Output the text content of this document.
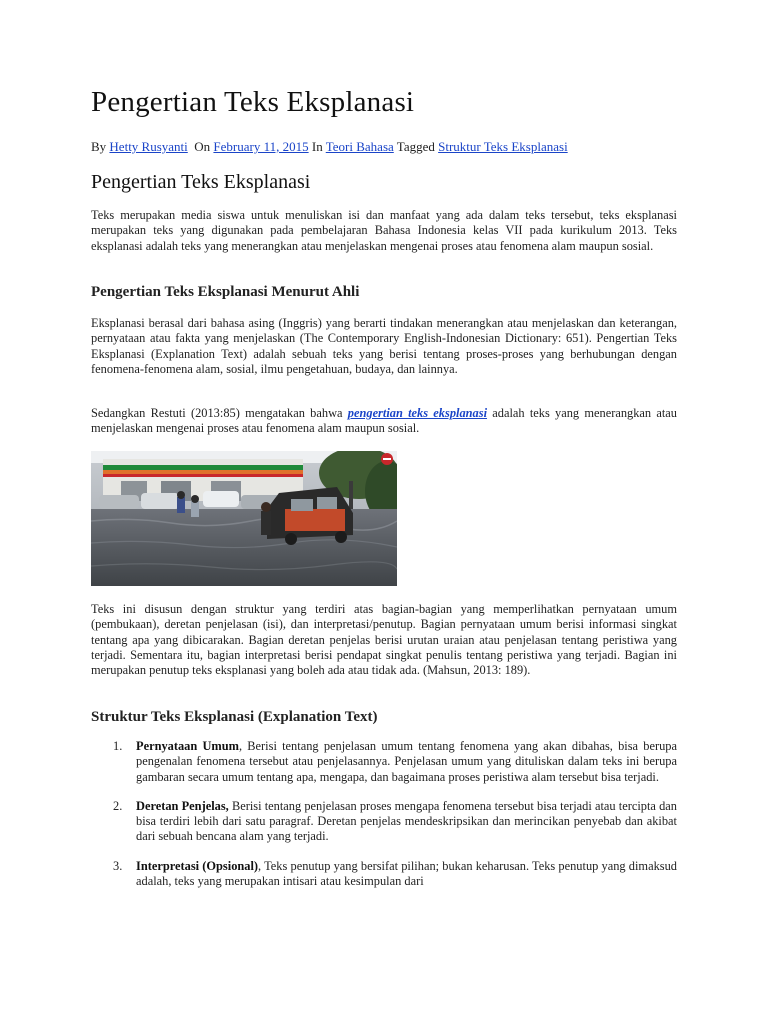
Pengertian Teks Eksplanasi

By Hetty Rusyanti On February 11, 2015 In Teori Bahasa Tagged Struktur Teks Eksplanasi

Pengertian Teks Eksplanasi

Teks merupakan media siswa untuk menuliskan isi dan manfaat yang ada dalam teks tersebut, teks eksplanasi merupakan teks yang digunakan pada pembelajaran Bahasa Indonesia kelas VII pada kurikulum 2013. Teks eksplanasi adalah teks yang menerangkan atau menjelaskan mengenai proses atau fenomena alam maupun sosial.

Pengertian Teks Eksplanasi Menurut Ahli

Eksplanasi berasal dari bahasa asing (Inggris) yang berarti tindakan menerangkan atau menjelaskan dan keterangan, pernyataan atau fakta yang menjelaskan (The Contemporary English-Indonesian Dictionary: 651). Pengertian Teks Eksplanasi (Explanation Text) adalah sebuah teks yang berisi tentang proses-proses yang berhubungan dengan fenomena-fenomena alam, sosial, ilmu pengetahuan, budaya, dan lainnya.

Sedangkan Restuti (2013:85) mengatakan bahwa pengertian teks eksplanasi adalah teks yang menerangkan atau menjelaskan mengenai proses atau fenomena alam maupun sosial.

Teks ini disusun dengan struktur yang terdiri atas bagian-bagian yang memperlihatkan pernyataan umum (pembukaan), deretan penjelasan (isi), dan interpretasi/penutup. Bagian pernyataan umum berisi informasi singkat tentang apa yang dibicarakan. Bagian deretan penjelas berisi urutan uraian atau penjelasan tentang peristiwa yang terjadi. Sementara itu, bagian interpretasi berisi pendapat singkat penulis tentang peristiwa yang terjadi. Bagian ini merupakan penutup teks eksplanasi yang boleh ada atau tidak ada. (Mahsun, 2013: 189).

Struktur Teks Eksplanasi (Explanation Text)
1. Pernyataan Umum, Berisi tentang penjelasan umum tentang fenomena yang akan dibahas, bisa berupa pengenalan fenomena tersebut atau penjelasannya. Penjelasan umum yang dituliskan dalam teks ini berupa gambaran secara umum tentang apa, mengapa, dan bagaimana proses peristiwa alam tersebut bisa terjadi.
2. Deretan Penjelas, Berisi tentang penjelasan proses mengapa fenomena tersebut bisa terjadi atau tercipta dan bisa terdiri lebih dari satu paragraf. Deretan penjelas mendeskripsikan dan merincikan penyebab dan akibat dari sebuah bencana alam yang terjadi.
3. Interpretasi (Opsional), Teks penutup yang bersifat pilihan; bukan keharusan. Teks penutup yang dimaksud adalah, teks yang merupakan intisari atau kesimpulan dari
